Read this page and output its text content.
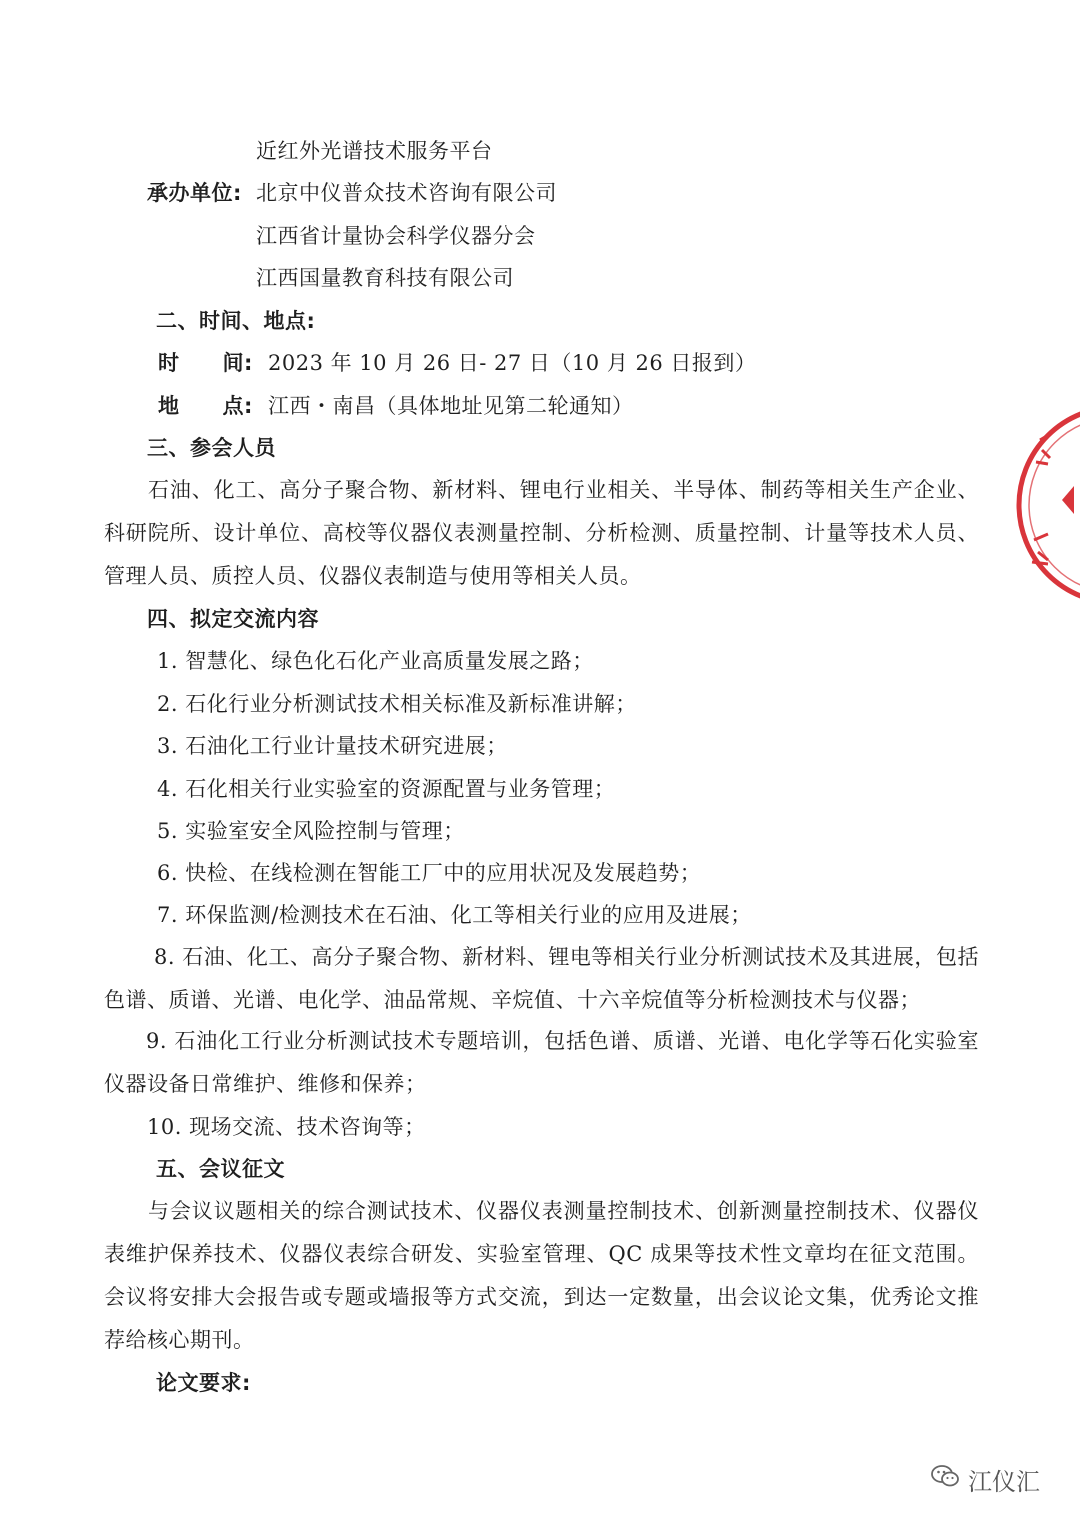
近红外光谱技术服务平台
承办单位: 北京中仪普众技术咨询有限公司
江西省计量协会科学仪器分会
江西国量教育科技有限公司
二、时间、地点:
时　　间: 2023 年 10 月 26 日- 27 日（10 月 26 日报到）
地　　点: 江西・南昌（具体地址见第二轮通知）
三、参会人员
石油、化工、高分子聚合物、新材料、锂电行业相关、半导体、制药等相关生产企业、科研院所、设计单位、高校等仪器仪表测量控制、分析检测、质量控制、计量等技术人员、管理人员、质控人员、仪器仪表制造与使用等相关人员。
四、拟定交流内容
1. 智慧化、绿色化石化产业高质量发展之路；
2. 石化行业分析测试技术相关标准及新标准讲解；
3. 石油化工行业计量技术研究进展；
4. 石化相关行业实验室的资源配置与业务管理；
5. 实验室安全风险控制与管理；
6. 快检、在线检测在智能工厂中的应用状况及发展趋势；
7. 环保监测/检测技术在石油、化工等相关行业的应用及进展；
8. 石油、化工、高分子聚合物、新材料、锂电等相关行业分析测试技术及其进展，包括色谱、质谱、光谱、电化学、油品常规、辛烷值、十六辛烷值等分析检测技术与仪器；
9. 石油化工行业分析测试技术专题培训，包括色谱、质谱、光谱、电化学等石化实验室仪器设备日常维护、维修和保养；
10. 现场交流、技术咨询等；
五、会议征文
与会议议题相关的综合测试技术、仪器仪表测量控制技术、创新测量控制技术、仪器仪表维护保养技术、仪器仪表综合研发、实验室管理、QC 成果等技术性文章均在征文范围。会议将安排大会报告或专题或墙报等方式交流，到达一定数量，出会议论文集，优秀论文推荐给核心期刊。
论文要求:
江仪汇
